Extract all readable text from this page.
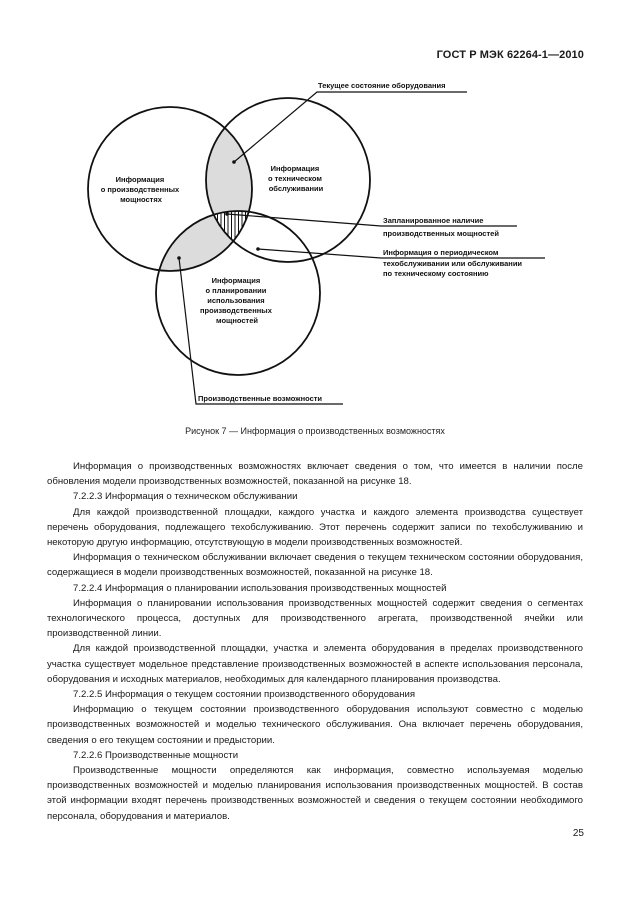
ГОСТ Р МЭК 62264-1—2010
Информация о производственных мощностях
Информация о техническом обслуживании
Информация о планировании использования производственных мощностей
Текущее состояние оборудования
Запланированное наличие производственных мощностей
Информация о периодическом техобслуживании или обслуживании по техническому состоянию
Производственные возможности
Рисунок 7 — Информация о производственных возможностях

Информация о производственных возможностях включает сведения о том, что имеется в наличии после обновления модели производственных возможностей, показанной на рисунке 18.

7.2.2.3 Информация о техническом обслуживании

Для каждой производственной площадки, каждого участка и каждого элемента производства существует перечень оборудования, подлежащего техобслуживанию. Этот перечень содержит записи по техобслуживанию и некоторую другую информацию, отсутствующую в модели производственных возможностей.

Информация о техническом обслуживании включает сведения о текущем техническом состоянии оборудования, содержащиеся в модели производственных возможностей, показанной на рисунке 18.

7.2.2.4 Информация о планировании использования производственных мощностей

Информация о планировании использования производственных мощностей содержит сведения о сегментах технологического процесса, доступных для производственного агрегата, производственной ячейки или производственной линии.

Для каждой производственной площадки, участка и элемента оборудования в пределах производственного участка существует модельное представление производственных возможностей в аспекте использования персонала, оборудования и исходных материалов, необходимых для календарного планирования производства.

7.2.2.5 Информация о текущем состоянии производственного оборудования

Информацию о текущем состоянии производственного оборудования используют совместно с моделью производственных возможностей и моделью технического обслуживания. Она включает перечень оборудования, сведения о его текущем состоянии и предыстории.

7.2.2.6 Производственные мощности

Производственные мощности определяются как информация, совместно используемая моделью производственных возможностей и моделью планирования использования производственных мощностей. В состав этой информации входят перечень производственных возможностей и сведения о текущем состоянии необходимого персонала, оборудования и материалов.

25
